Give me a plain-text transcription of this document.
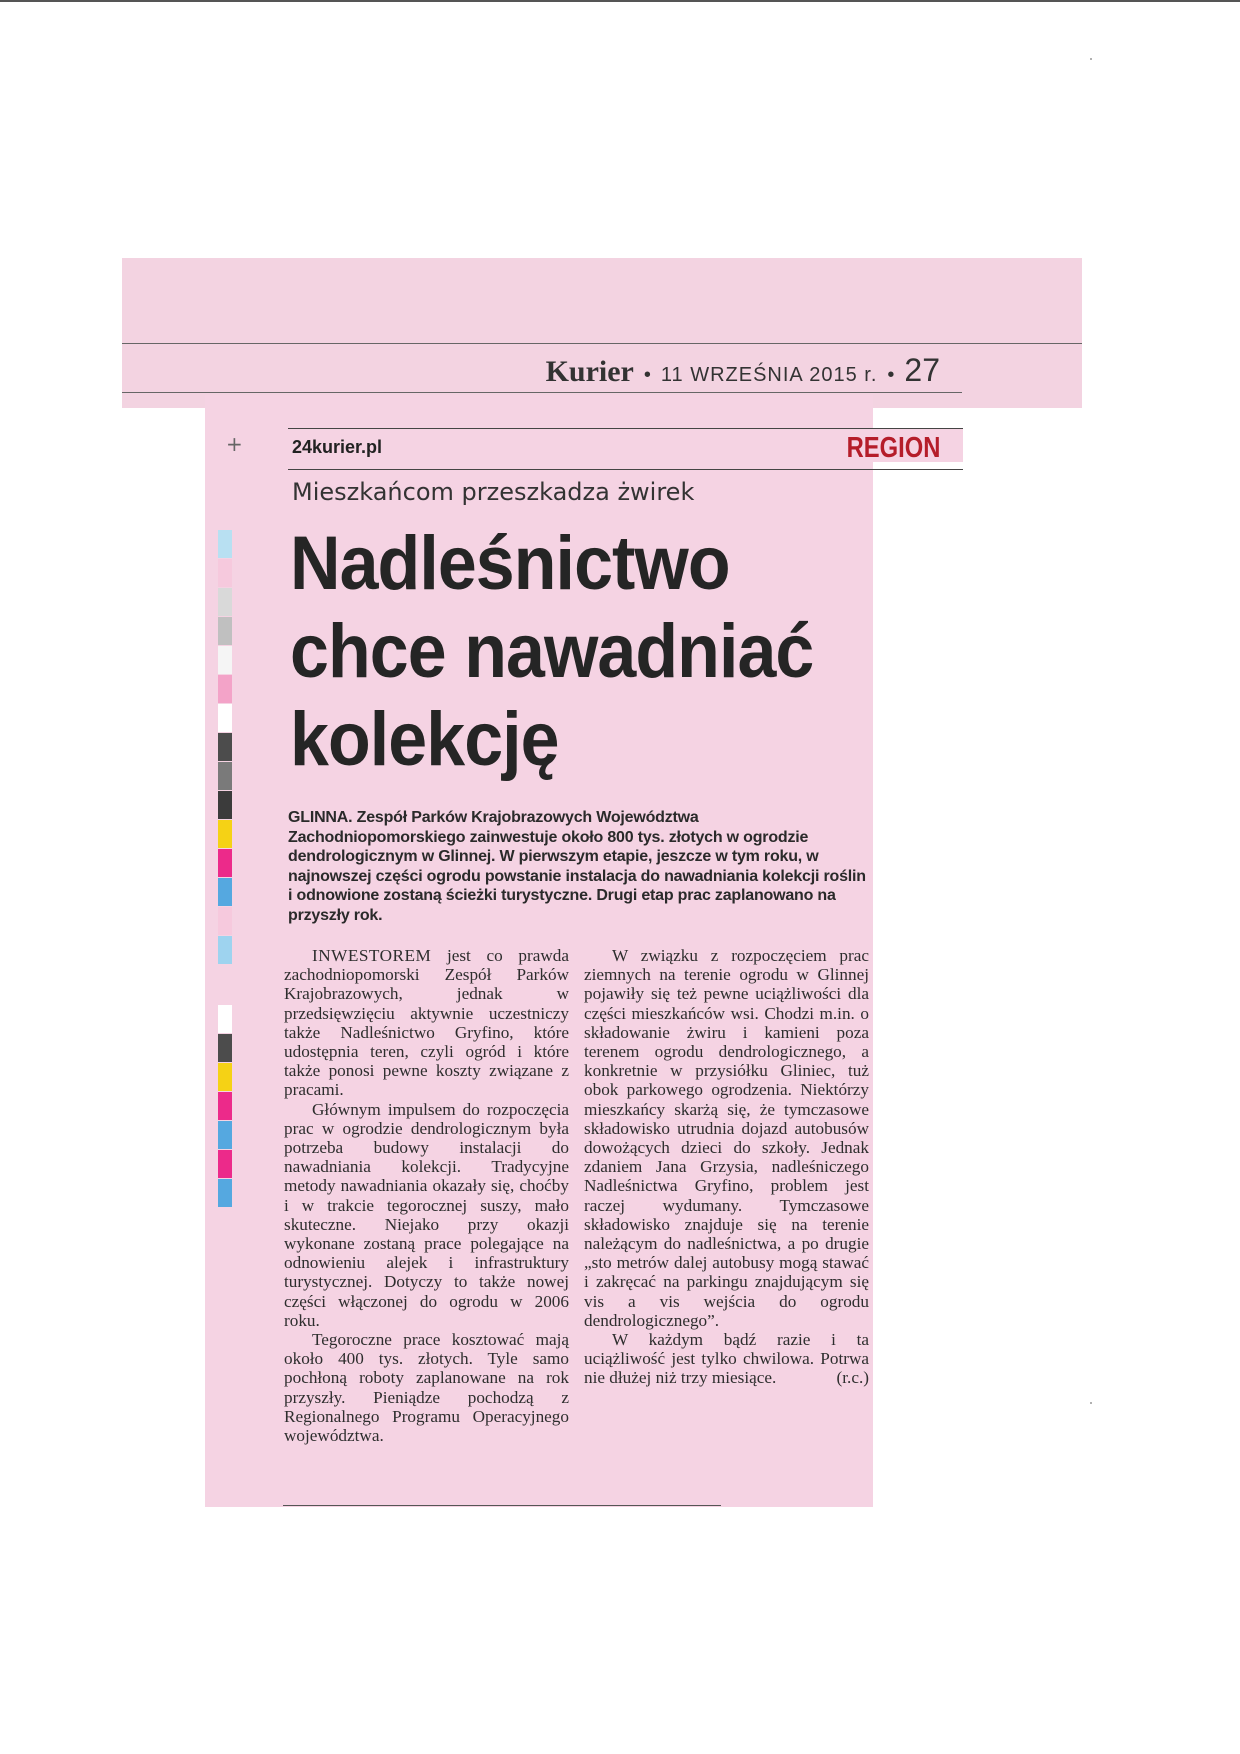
Kurier • 11 WRZEŚNIA 2015 r. • 27
+	24kurier.pl	REGION
Mieszkańcom przeszkadza żwirek
Nadleśnictwo
chce nawadniać
kolekcję
GLINNA. Zespół Parków Krajobrazowych Województwa Zachodniopomorskiego zainwestuje około 800 tys. złotych w ogrodzie dendrologicznym w Glinnej. W pierwszym etapie, jeszcze w tym roku, w najnowszej części ogrodu powstanie instalacja do nawadniania kolekcji roślin i odnowione zostaną ścieżki turystyczne. Drugi etap prac zaplanowano na przyszły rok.

INWESTOREM jest co prawda zachodniopomorski Zespół Parków Krajobrazowych, jednak w przedsięwzięciu aktywnie uczestniczy także Nadleśnictwo Gryfino, które udostępnia teren, czyli ogród i które także ponosi pewne koszty związane z pracami.

Głównym impulsem do rozpoczęcia prac w ogrodzie dendrologicznym była potrzeba budowy instalacji do nawadniania kolekcji. Tradycyjne metody nawadniania okazały się, choćby i w trakcie tegorocznej suszy, mało skuteczne. Niejako przy okazji wykonane zostaną prace polegające na odnowieniu alejek i infrastruktury turystycznej. Dotyczy to także nowej części włączonej do ogrodu w 2006 roku.

Tegoroczne prace kosztować mają około 400 tys. złotych. Tyle samo pochłoną roboty zaplanowane na rok przyszły. Pieniądze pochodzą z Regionalnego Programu Operacyjnego województwa.

W związku z rozpoczęciem prac ziemnych na terenie ogrodu w Glinnej pojawiły się też pewne uciążliwości dla części mieszkańców wsi. Chodzi m.in. o składowanie żwiru i kamieni poza terenem ogrodu dendrologicznego, a konkretnie w przysiółku Gliniec, tuż obok parkowego ogrodzenia. Niektórzy mieszkańcy skarżą się, że tymczasowe składowisko utrudnia dojazd autobusów dowożących dzieci do szkoły. Jednak zdaniem Jana Grzysia, nadleśniczego Nadleśnictwa Gryfino, problem jest raczej wydumany. Tymczasowe składowisko znajduje się na terenie należącym do nadleśnictwa, a po drugie „sto metrów dalej autobusy mogą stawać i zakręcać na parkingu znajdującym się vis a vis wejścia do ogrodu dendrologicznego”.

W każdym bądź razie i ta uciążliwość jest tylko chwilowa. Potrwa nie dłużej niż trzy miesiące.	(r.c.)
